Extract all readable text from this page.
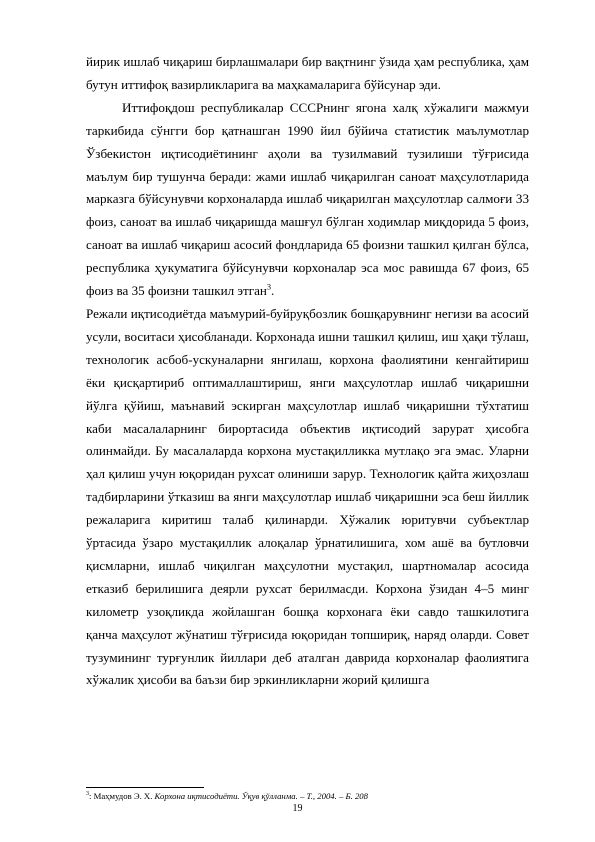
йирик ишлаб чиқариш бирлашмалари бир вақтнинг ўзида ҳам республика, ҳам бутун иттифоқ вазирликларига ва маҳкамаларига бўйсунар эди.

Иттифоқдош республикалар СССРнинг ягона халқ хўжалиги мажмуи таркибида сўнгги бор қатнашган 1990 йил бўйича статистик маълумотлар Ўзбекистон иқтисодиётининг аҳоли ва тузилмавий тузилиши тўғрисида маълум бир тушунча беради: жами ишлаб чиқарилган саноат маҳсулотларида марказга бўйсунувчи корхоналарда ишлаб чиқарилган маҳсулотлар салмоғи 33 фоиз, саноат ва ишлаб чиқаришда машғул бўлган ходимлар миқдорида 5 фоиз, саноат ва ишлаб чиқариш асосий фондларида 65 фоизни ташкил қилган бўлса, республика ҳукуматига бўйсунувчи корхоналар эса мос равишда 67 фоиз, 65 фоиз ва 35 фоизни ташкил этган$^3$.

Режали иқтисодиётда маъмурий-буйруқбозлик бошқарувнинг негизи ва асосий усули, воситаси ҳисобланади. Корхонада ишни ташкил қилиш, иш ҳақи тўлаш, технологик асбоб-ускуналарни янгилаш, корхона фаолиятини кенгайтириш ёки қисқартириб оптималлаштириш, янги маҳсулотлар ишлаб чиқаришни йўлга қўйиш, маънавий эскирган маҳсулотлар ишлаб чиқаришни тўхтатиш каби масалаларнинг бирортасида объектив иқтисодий зарурат ҳисобга олинмайди. Бу масалаларда корхона мустақилликка мутлақо эга эмас. Уларни ҳал қилиш учун юқоридан рухсат олиниши зарур. Технологик қайта жиҳозлаш тадбирларини ўтказиш ва янги маҳсулотлар ишлаб чиқаришни эса беш йиллик режаларига киритиш талаб қилинарди. Хўжалик юритувчи субъектлар ўртасида ўзаро мустақиллик алоқалар ўрнатилишига, хом ашё ва бутловчи қисмларни, ишлаб чиқилган маҳсулотни мустақил, шартномалар асосида етказиб берилишига деярли рухсат берилмасди. Корхона ўзидан 4–5 минг километр узоқликда жойлашган бошқа корхонага ёки савдо ташкилотига қанча маҳсулот жўнатиш тўғрисида юқоридан топшириқ, наряд оларди. Совет тузумининг турғунлик йиллари деб аталган даврида корхоналар фаолиятига хўжалик ҳисоби ва баъзи бир эркинликларни жорий қилишга

$^3$: Маҳмудов Э. Х. Корхона иқтисодиёти. Ўқув қўлланма. – Т., 2004. – Б. 208
19
